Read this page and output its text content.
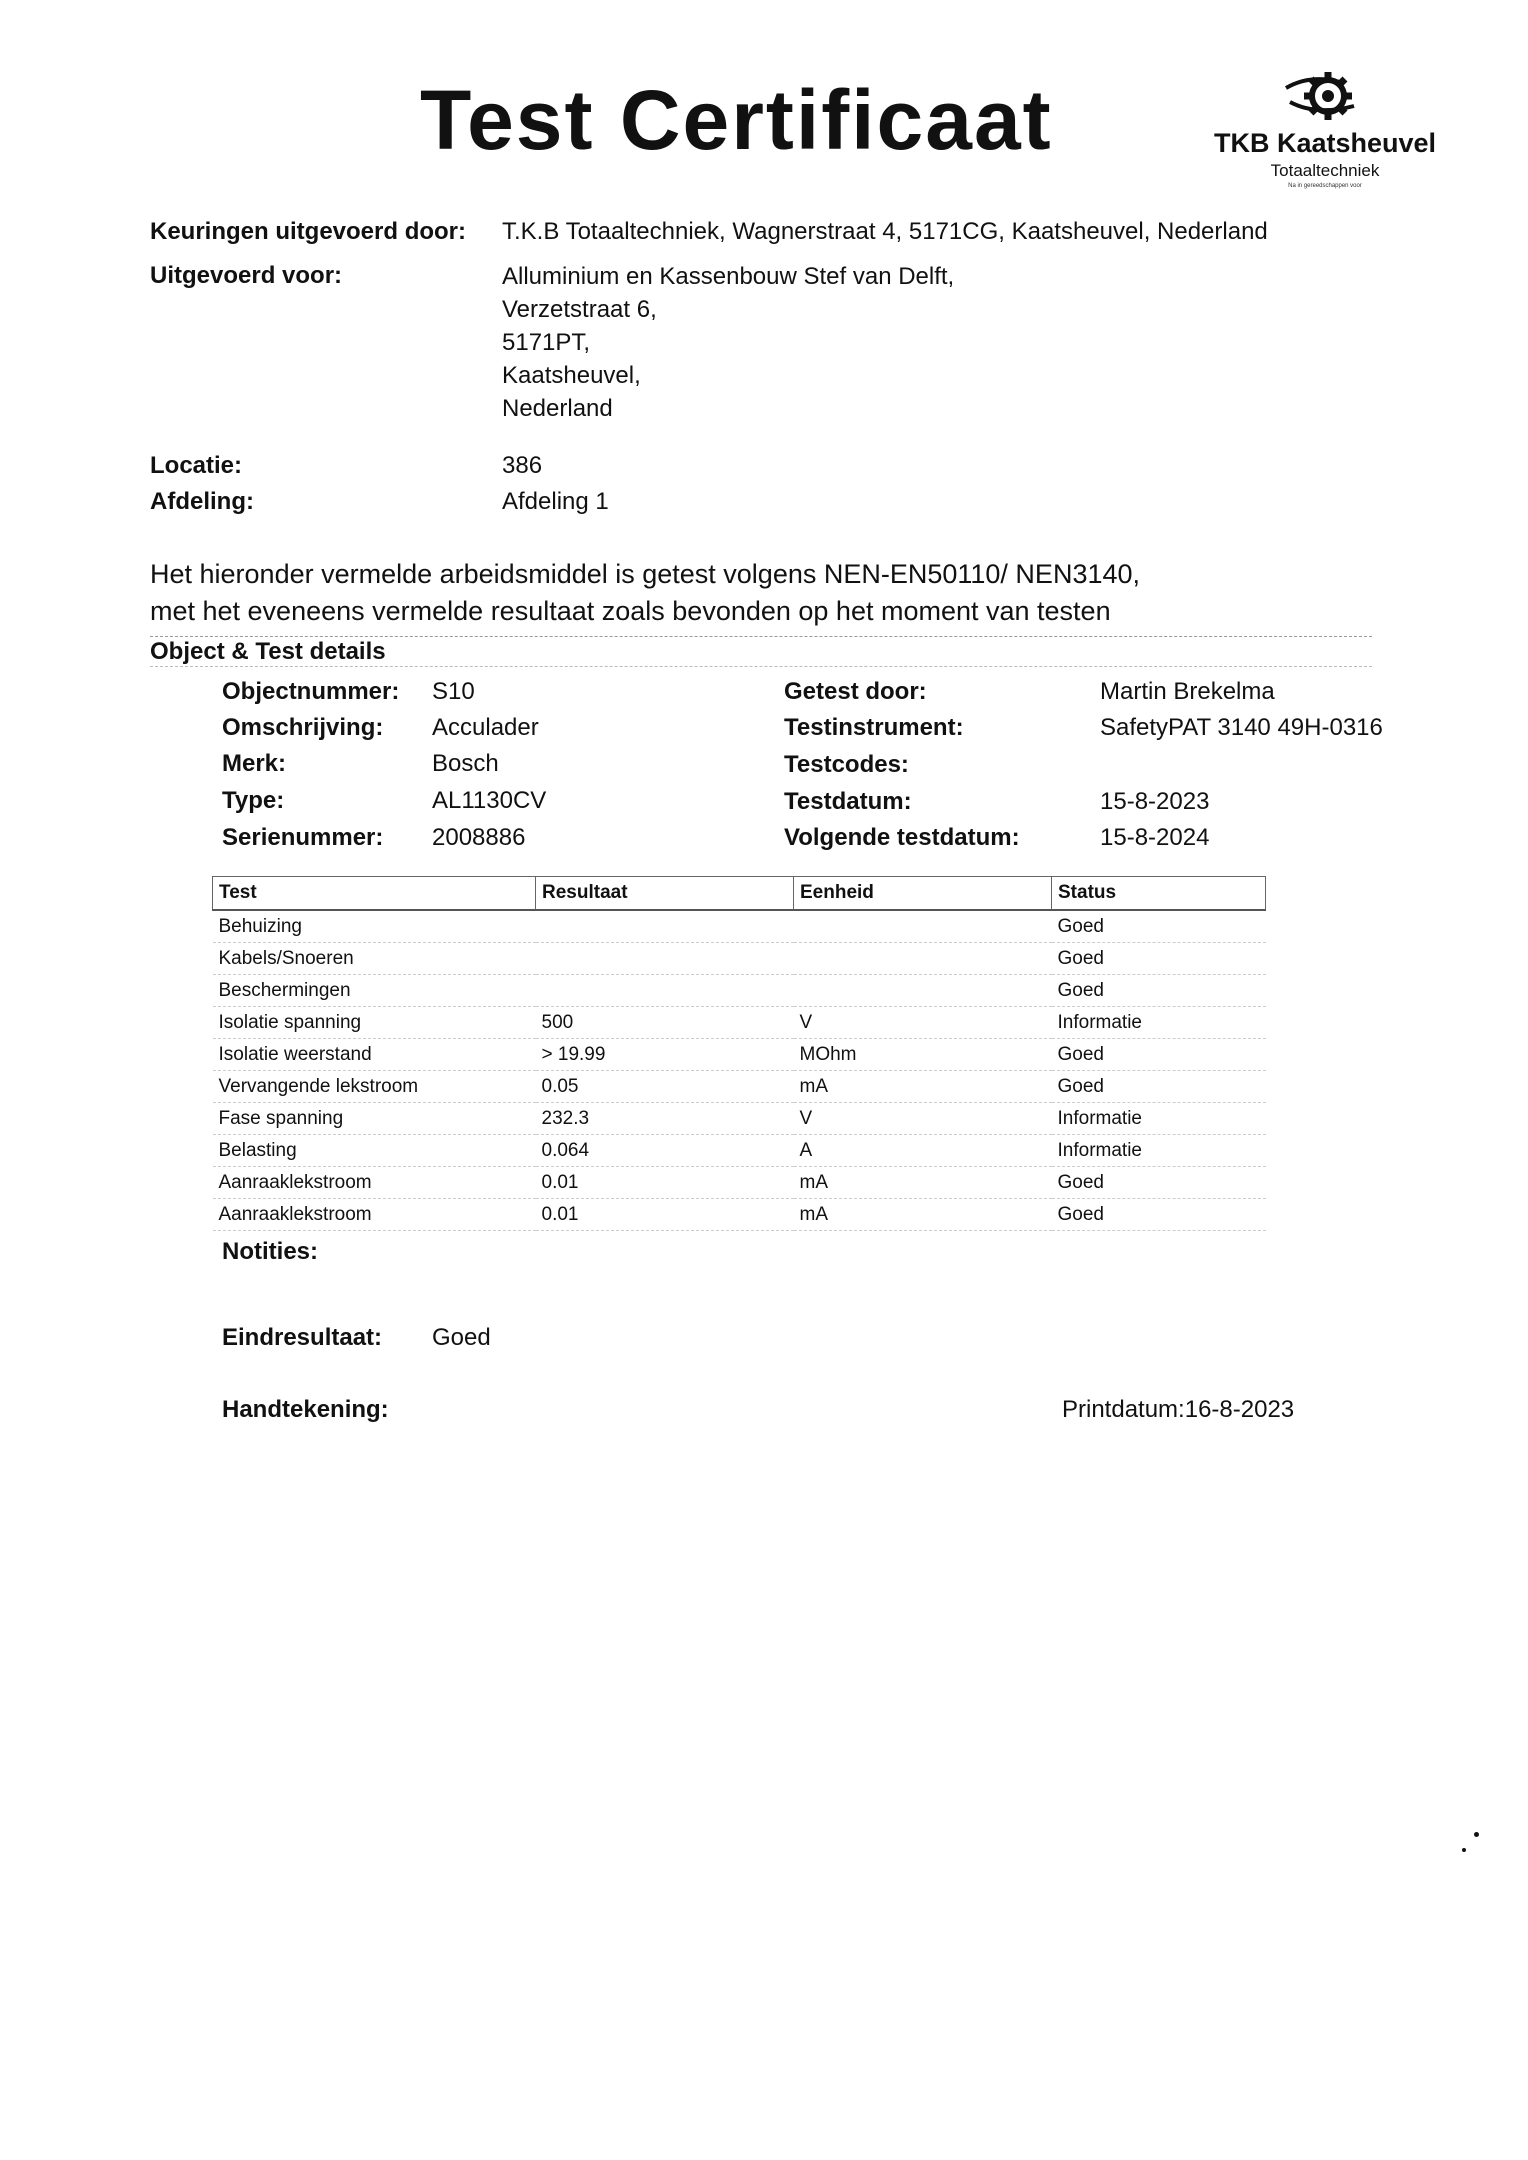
Test Certificaat	TKB Kaatsheuvel
Totaaltechniek
Na in gereedschappen voor
Keuringen uitgevoerd door: T.K.B Totaaltechniek, Wagnerstraat 4, 5171CG, Kaatsheuvel, Nederland
Uitgevoerd voor:	Alluminium en Kassenbouw Stef van Delft,
Verzetstraat 6,
5171PT,
Kaatsheuvel,
Nederland
Locatie:	386
Afdeling:	Afdeling 1
Het hieronder vermelde arbeidsmiddel is getest volgens NEN-EN50110/ NEN3140,
met het eveneens vermelde resultaat zoals bevonden op het moment van testen
Object & Test details
Objectnummer: S10
Omschrijving: Acculader
Merk:	Bosch
Type:	AL1130CV
Serienummer: 2008886
Getest door:	Martin Brekelma
Testinstrument:	SafetyPAT 3140 49H-0316
Testcodes:
Testdatum:	15-8-2023
Volgende testdatum:	15-8-2024
Test	Resultaat	Eenheid	Status
Behuizing			Goed
Kabels/Snoeren			Goed
Beschermingen			Goed
Isolatie spanning	500	V	Informatie
Isolatie weerstand	> 19.99	MOhm	Goed
Vervangende lekstroom	0.05	mA	Goed
Fase spanning	232.3	V	Informatie
Belasting	0.064	A	Informatie
Aanraaklekstroom	0.01	mA	Goed
Aanraaklekstroom	0.01	mA	Goed
Notities:
Eindresultaat: Goed
Handtekening:	Printdatum:16-8-2023
